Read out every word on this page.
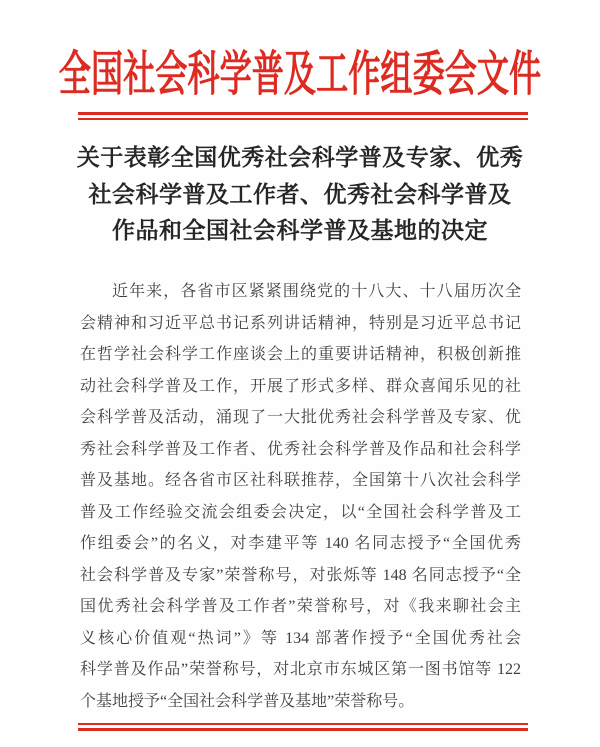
全国社会科学普及工作组委会文件
关于表彰全国优秀社会科学普及专家、优秀
社会科学普及工作者、优秀社会科学普及
作品和全国社会科学普及基地的决定
近年来，各省市区紧紧围绕党的十八大、十八届历次全
会精神和习近平总书记系列讲话精神，特别是习近平总书记
在哲学社会科学工作座谈会上的重要讲话精神，积极创新推
动社会科学普及工作，开展了形式多样、群众喜闻乐见的社
会科学普及活动，涌现了一大批优秀社会科学普及专家、优
秀社会科学普及工作者、优秀社会科学普及作品和社会科学
普及基地。经各省市区社科联推荐，全国第十八次社会科学
普及工作经验交流会组委会决定，以“全国社会科学普及工
作组委会”的名义，对李建平等 140 名同志授予“全国优秀
社会科学普及专家”荣誉称号，对张烁等 148 名同志授予“全
国优秀社会科学普及工作者”荣誉称号，对《我来聊社会主
义核心价值观“热词”》等 134 部著作授予“全国优秀社会
科学普及作品”荣誉称号，对北京市东城区第一图书馆等 122
个基地授予“全国社会科学普及基地”荣誉称号。
